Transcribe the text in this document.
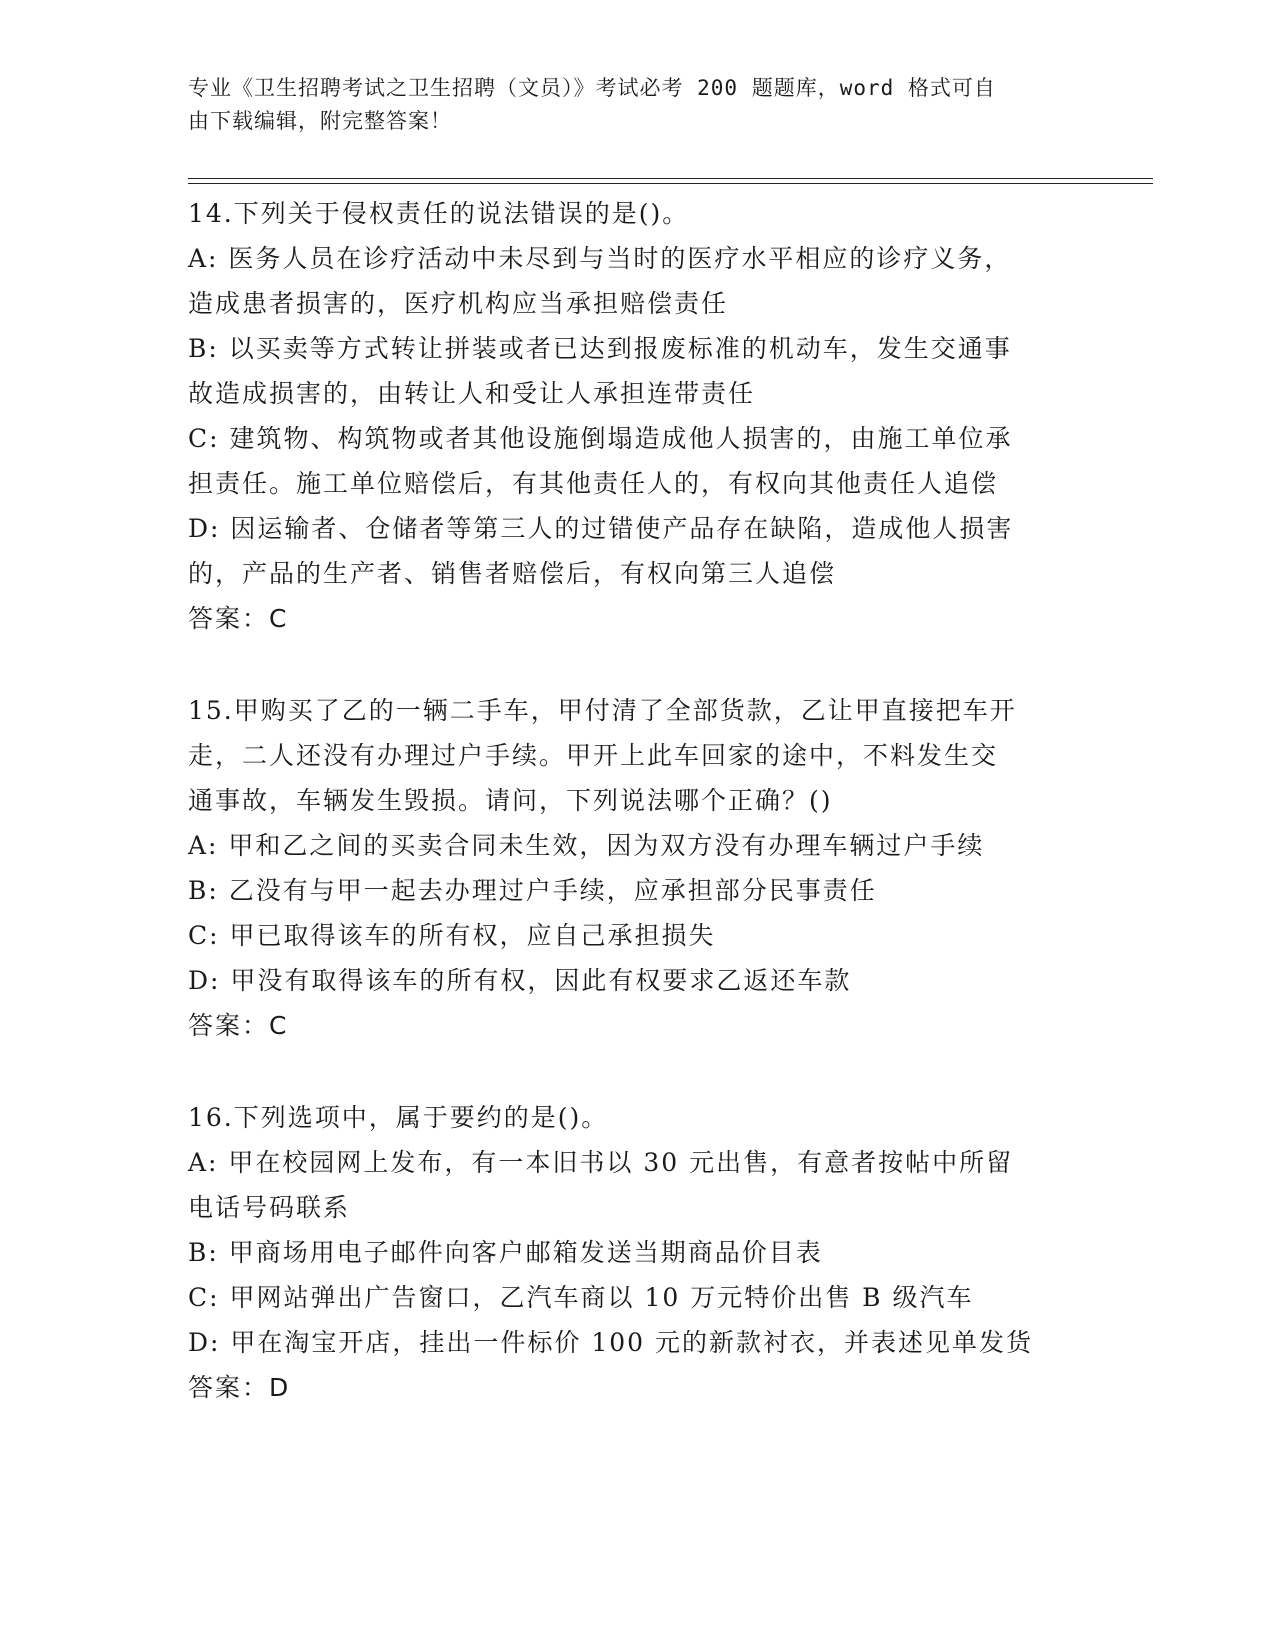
专业《卫生招聘考试之卫生招聘（文员）》考试必考 200 题题库，word 格式可自
由下载编辑，附完整答案！
14.下列关于侵权责任的说法错误的是()。
A: 医务人员在诊疗活动中未尽到与当时的医疗水平相应的诊疗义务，
造成患者损害的，医疗机构应当承担赔偿责任
B: 以买卖等方式转让拼装或者已达到报废标准的机动车，发生交通事
故造成损害的，由转让人和受让人承担连带责任
C: 建筑物、构筑物或者其他设施倒塌造成他人损害的，由施工单位承
担责任。施工单位赔偿后，有其他责任人的，有权向其他责任人追偿
D: 因运输者、仓储者等第三人的过错使产品存在缺陷，造成他人损害
的，产品的生产者、销售者赔偿后，有权向第三人追偿
答案：C
15.甲购买了乙的一辆二手车，甲付清了全部货款，乙让甲直接把车开
走，二人还没有办理过户手续。甲开上此车回家的途中，不料发生交
通事故，车辆发生毁损。请问，下列说法哪个正确？()
A: 甲和乙之间的买卖合同未生效，因为双方没有办理车辆过户手续
B: 乙没有与甲一起去办理过户手续，应承担部分民事责任
C: 甲已取得该车的所有权，应自己承担损失
D: 甲没有取得该车的所有权，因此有权要求乙返还车款
答案：C
16.下列选项中，属于要约的是()。
A: 甲在校园网上发布，有一本旧书以 30 元出售，有意者按帖中所留
电话号码联系
B: 甲商场用电子邮件向客户邮箱发送当期商品价目表
C: 甲网站弹出广告窗口，乙汽车商以 10 万元特价出售 B 级汽车
D: 甲在淘宝开店，挂出一件标价 100 元的新款衬衣，并表述见单发货
答案：D
